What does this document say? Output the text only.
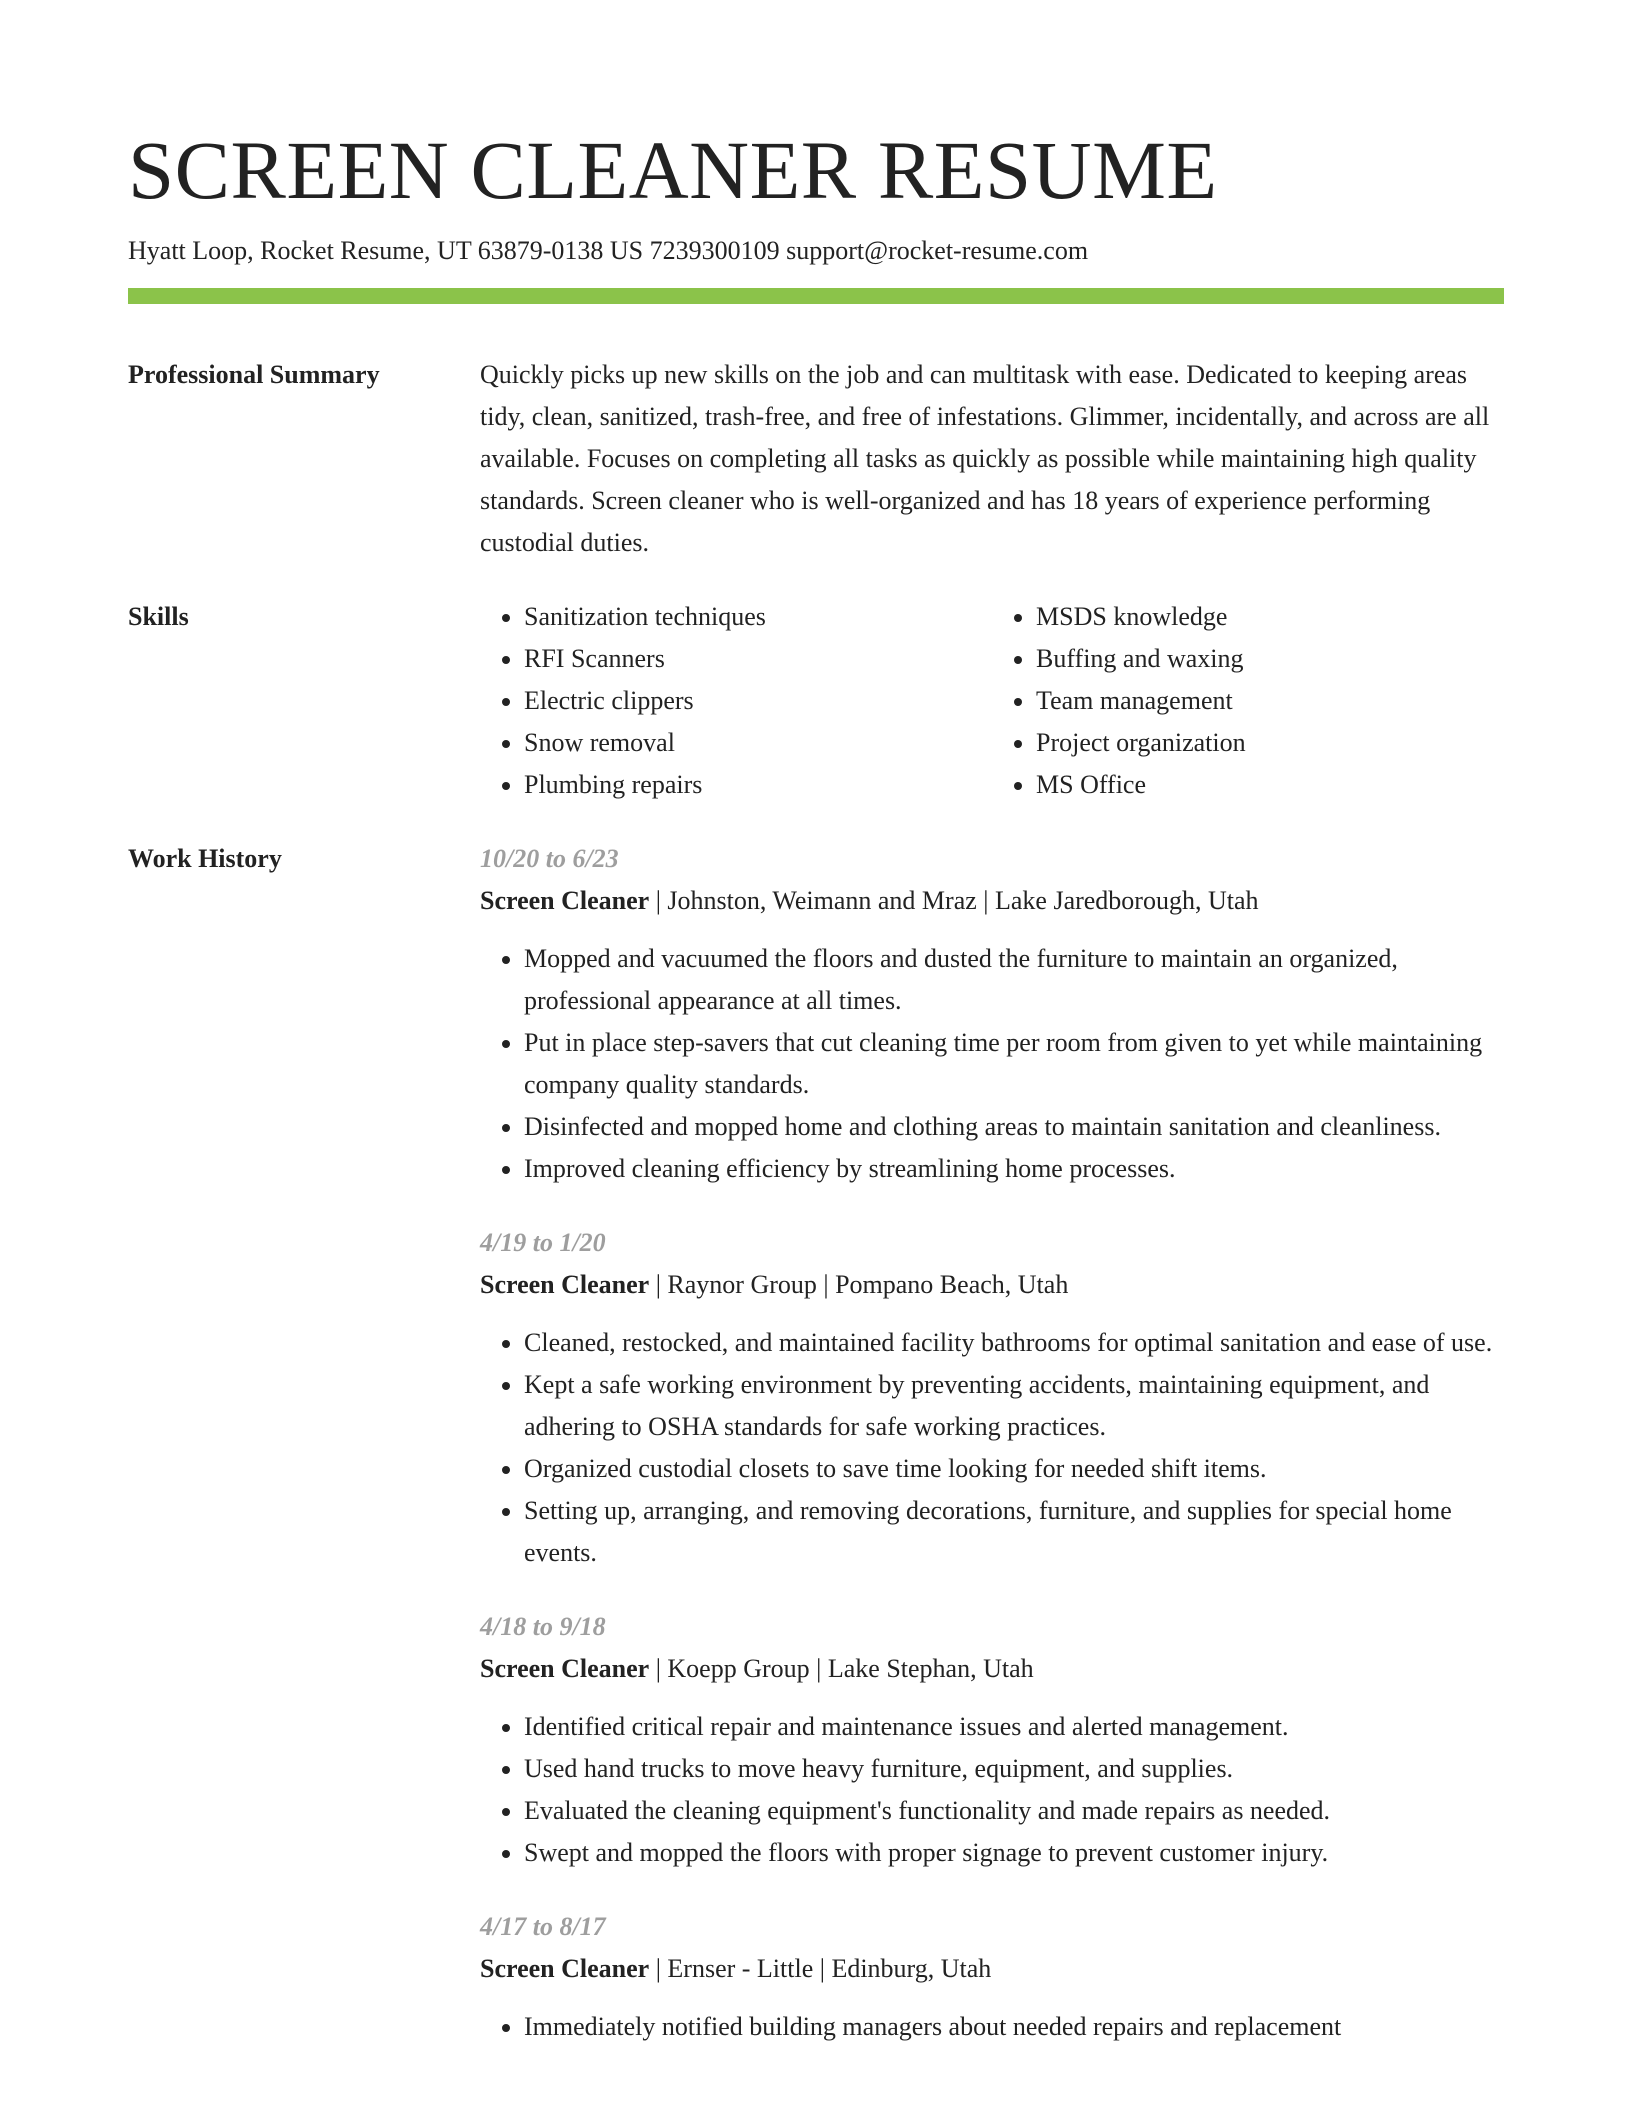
SCREEN CLEANER RESUME
Hyatt Loop, Rocket Resume, UT 63879-0138 US 7239300109 support@rocket-resume.com
Professional Summary	Quickly picks up new skills on the job and can multitask with ease. Dedicated to keeping areas tidy, clean, sanitized, trash-free, and free of infestations. Glimmer, incidentally, and across are all available. Focuses on completing all tasks as quickly as possible while maintaining high quality standards. Screen cleaner who is well-organized and has 18 years of experience performing custodial duties.
Skills
•	Sanitization techniques
• RFI Scanners
• Electric clippers
• Snow removal
• Plumbing repairs
• MSDS knowledge
• Buffing and waxing
• Team management
• Project organization
• MS Office
Work History	10/20 to 6/23
Screen Cleaner | Johnston, Weimann and Mraz | Lake Jaredborough, Utah
• Mopped and vacuumed the floors and dusted the furniture to maintain an organized, professional appearance at all times.
• Put in place step-savers that cut cleaning time per room from given to yet while maintaining company quality standards.
• Disinfected and mopped home and clothing areas to maintain sanitation and cleanliness.
• Improved cleaning efficiency by streamlining home processes.
4/19 to 1/20
Screen Cleaner | Raynor Group | Pompano Beach, Utah
• Cleaned, restocked, and maintained facility bathrooms for optimal sanitation and ease of use.
• Kept a safe working environment by preventing accidents, maintaining equipment, and adhering to OSHA standards for safe working practices.
• Organized custodial closets to save time looking for needed shift items.
• Setting up, arranging, and removing decorations, furniture, and supplies for special home events.
4/18 to 9/18
Screen Cleaner | Koepp Group | Lake Stephan, Utah
• Identified critical repair and maintenance issues and alerted management.
• Used hand trucks to move heavy furniture, equipment, and supplies.
• Evaluated the cleaning equipment's functionality and made repairs as needed.
• Swept and mopped the floors with proper signage to prevent customer injury.
4/17 to 8/17
Screen Cleaner | Ernser - Little | Edinburg, Utah
• Immediately notified building managers about needed repairs and replacement
